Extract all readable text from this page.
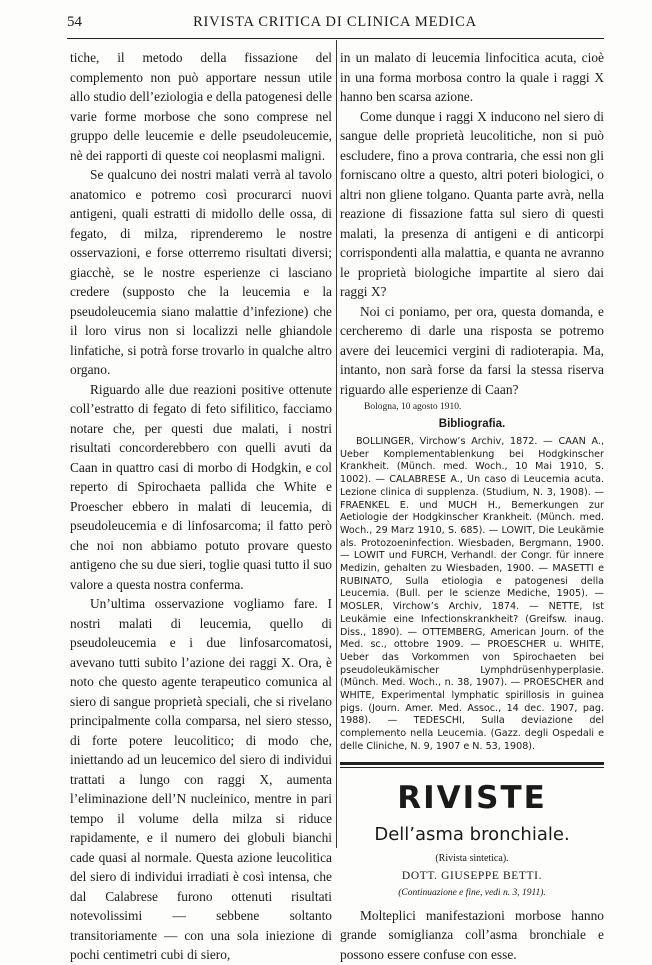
54	RIVISTA CRITICA DI CLINICA MEDICA

tiche, il metodo della fissazione del complemento non può apportare nessun utile allo studio dell’eziologia e della patogenesi delle varie forme morbose che sono comprese nel gruppo delle leucemie e delle pseudoleucemie, nè dei rapporti di queste coi neoplasmi maligni.

Se qualcuno dei nostri malati verrà al tavolo anatomico e potremo così procurarci nuovi antigeni, quali estratti di midollo delle ossa, di fegato, di milza, riprenderemo le nostre osservazioni, e forse otterremo risultati diversi; giacchè, se le nostre esperienze ci lasciano credere (supposto che la leucemia e la pseudoleucemia siano malattie d’infezione) che il loro virus non si localizzi nelle ghiandole linfatiche, si potrà forse trovarlo in qualche altro organo.

Riguardo alle due reazioni positive ottenute coll’estratto di fegato di feto sifilitico, facciamo notare che, per questi due malati, i nostri risultati concorderebbero con quelli avuti da Caan in quattro casi di morbo di Hodgkin, e col reperto di Spirochaeta pallida che White e Proescher ebbero in malati di leucemia, di pseudoleucemia e di linfosarcoma; il fatto però che noi non abbiamo potuto provare questo antigeno che su due sieri, toglie quasi tutto il suo valore a questa nostra conferma.

Un’ultima osservazione vogliamo fare. I nostri malati di leucemia, quello di pseudoleucemia e i due linfosarcomatosi, avevano tutti subito l’azione dei raggi X. Ora, è noto che questo agente terapeutico comunica al siero di sangue proprietà speciali, che si rivelano principalmente colla comparsa, nel siero stesso, di forte potere leucolitico; di modo che, iniettando ad un leucemico del siero di individui trattati a lungo con raggi X, aumenta l’eliminazione dell’N nucleinico, mentre in pari tempo il volume della milza si riduce rapidamente, e il numero dei globuli bianchi cade quasi al normale. Questa azione leucolitica del siero di individui irradiati è così intensa, che dal Calabrese furono ottenuti risultati notevolissimi — sebbene soltanto transitoriamente — con una sola iniezione di pochi centimetri cubi di siero,

in un malato di leucemia linfocitica acuta, cioè in una forma morbosa contro la quale i raggi X hanno ben scarsa azione.

Come dunque i raggi X inducono nel siero di sangue delle proprietà leucolitiche, non si può escludere, fino a prova contraria, che essi non gli forniscano oltre a questo, altri poteri biologici, o altri non gliene tolgano. Quanta parte avrà, nella reazione di fissazione fatta sul siero di questi malati, la presenza di antigeni e di anticorpi corrispondenti alla malattia, e quanta ne avranno le proprietà biologiche impartite al siero dai raggi X?

Noi ci poniamo, per ora, questa domanda, e cercheremo di darle una risposta se potremo avere dei leucemici vergini di radioterapia. Ma, intanto, non sarà forse da farsi la stessa riserva riguardo alle esperienze di Caan?

Bologna, 10 agosto 1910.
Bibliografia.

BOLLINGER, Virchow’s Archiv, 1872. — CAAN A., Ueber Komplementablenkung bei Hodgkinscher Krankheit. (Münch. med. Woch., 10 Mai 1910, S. 1002). — CALABRESE A., Un caso di Leucemia acuta. Lezione clinica di supplenza. (Studium, N. 3, 1908). — FRAENKEL E. und MUCH H., Bemerkungen zur Aetiologie der Hodgkinscher Krankheit. (Münch. med. Woch., 29 Marz 1910, S. 685). — LOWIT, Die Leukämie als. Protozoeninfection. Wiesbaden, Bergmann, 1900. — LOWIT und FURCH, Verhandl. der Congr. für innere Medizin, gehalten zu Wiesbaden, 1900. — MASETTI e RUBINATO, Sulla etiologia e patogenesi della Leucemia. (Bull. per le scienze Mediche, 1905). — MOSLER, Virchow’s Archiv, 1874. — NETTE, Ist Leukämie eine Infectionskrankheit? (Greifsw. inaug. Diss., 1890). — OTTEMBERG, American Journ. of the Med. sc., ottobre 1909. — PROESCHER u. WHITE, Ueber das Vorkommen von Spirochaeten bei pseudoleukämischer Lymphdrüsenhyperplasie. (Münch. Med. Woch., n. 38, 1907). — PROESCHER and WHITE, Experimental lymphatic spirillosis in guinea pigs. (Journ. Amer. Med. Assoc., 14 dec. 1907, pag. 1988). — TEDESCHI, Sulla deviazione del complemento nella Leucemia. (Gazz. degli Ospedali e delle Cliniche, N. 9, 1907 e N. 53, 1908).

RIVISTE
Dell’asma bronchiale.
(Rivista sintetica).
DOTT. GIUSEPPE BETTI.
(Continuazione e fine, vedi n. 3, 1911).

Molteplici manifestazioni morbose hanno grande somiglianza coll’asma bronchiale e possono essere confuse con esse.
